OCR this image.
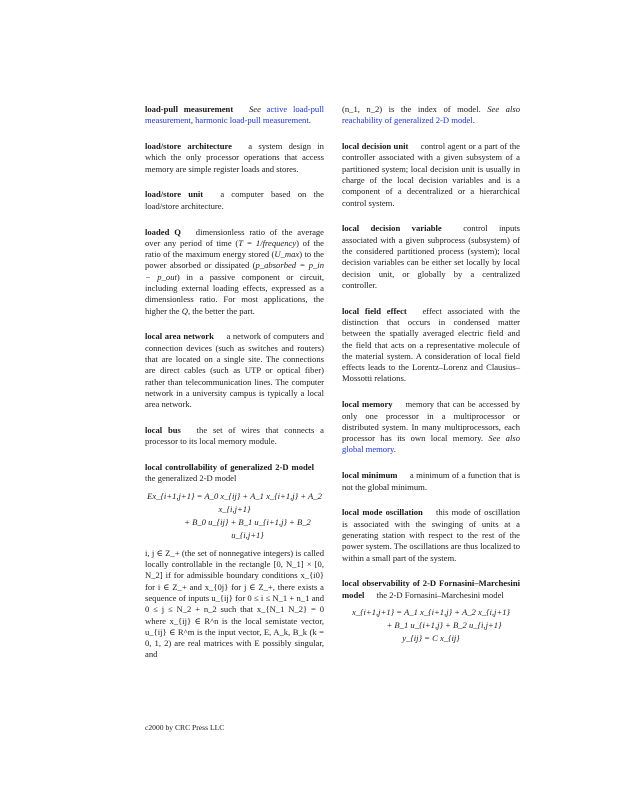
load-pull measurement See active load-pull measurement, harmonic load-pull measurement.
load/store architecture a system design in which the only processor operations that access memory are simple register loads and stores.
load/store unit a computer based on the load/store architecture.
loaded Q dimensionless ratio of the average over any period of time (T = 1/frequency) of the ratio of the maximum energy stored (U_max) to the power absorbed or dissipated (p_absorbed = p_in − p_out) in a passive component or circuit, including external loading effects, expressed as a dimensionless ratio. For most applications, the higher the Q, the better the part.
local area network a network of computers and connection devices (such as switches and routers) that are located on a single site. The connections are direct cables (such as UTP or optical fiber) rather than telecommunication lines. The computer network in a university campus is typically a local area network.
local bus the set of wires that connects a processor to its local memory module.
local controllability of generalized 2-D model the generalized 2-D model
Ex_{i+1,j+1} = A_0 x_{ij} + A_1 x_{i+1,j} + A_2 x_{i,j+1}
+ B_0 u_{ij} + B_1 u_{i+1,j} + B_2 u_{i,j+1}
i, j ∈ Z_+ (the set of nonnegative integers) is called locally controllable in the rectangle [0, N_1] × [0, N_2] if for admissible boundary conditions x_{i0} for i ∈ Z_+ and x_{0j} for j ∈ Z_+, there exists a sequence of inputs u_{ij} for 0 ≤ i ≤ N_1 + n_1 and 0 ≤ j ≤ N_2 + n_2 such that x_{N_1 N_2} = 0 where x_{ij} ∈ R^n is the local semistate vector, u_{ij} ∈ R^m is the input vector, E, A_k, B_k (k = 0, 1, 2) are real matrices with E possibly singular, and
(n_1, n_2) is the index of model. See also reachability of generalized 2-D model.
local decision unit control agent or a part of the controller associated with a given subsystem of a partitioned system; local decision unit is usually in charge of the local decision variables and is a component of a decentralized or a hierarchical control system.
local decision variable control inputs associated with a given subprocess (subsystem) of the considered partitioned process (system); local decision variables can be either set locally by local decision unit, or globally by a centralized controller.
local field effect effect associated with the distinction that occurs in condensed matter between the spatially averaged electric field and the field that acts on a representative molecule of the material system. A consideration of local field effects leads to the Lorentz–Lorenz and Clausius–Mossotti relations.
local memory memory that can be accessed by only one processor in a multiprocessor or distributed system. In many multiprocessors, each processor has its own local memory. See also global memory.
local minimum a minimum of a function that is not the global minimum.
local mode oscillation this mode of oscillation is associated with the swinging of units at a generating station with respect to the rest of the power system. The oscillations are thus localized to within a small part of the system.
local observability of 2-D Fornasini–Marchesini model the 2-D Fornasini–Marchesini model
x_{i+1,j+1} = A_1 x_{i+1,j} + A_2 x_{i,j+1}
+ B_1 u_{i+1,j} + B_2 u_{i,j+1}
y_{ij} = C x_{ij}
c2000 by CRC Press LLC
